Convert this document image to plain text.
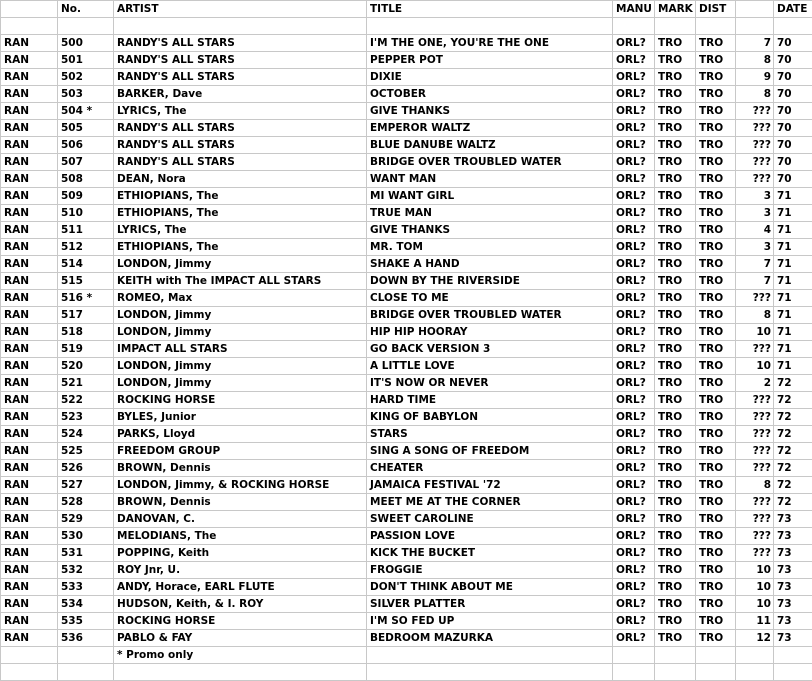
	No.	ARTIST	TITLE	MANU	MARK	DIST		DATE

RAN	500	RANDY'S ALL STARS	I'M THE ONE, YOU'RE THE ONE	ORL?	TRO	TRO	7	70
RAN	501	RANDY'S ALL STARS	PEPPER POT	ORL?	TRO	TRO	8	70
RAN	502	RANDY'S ALL STARS	DIXIE	ORL?	TRO	TRO	9	70
RAN	503	BARKER, Dave	OCTOBER	ORL?	TRO	TRO	8	70
RAN	504 *	LYRICS, The	GIVE THANKS	ORL?	TRO	TRO	???	70
RAN	505	RANDY'S ALL STARS	EMPEROR WALTZ	ORL?	TRO	TRO	???	70
RAN	506	RANDY'S ALL STARS	BLUE DANUBE WALTZ	ORL?	TRO	TRO	???	70
RAN	507	RANDY'S ALL STARS	BRIDGE OVER TROUBLED WATER	ORL?	TRO	TRO	???	70
RAN	508	DEAN, Nora	WANT MAN	ORL?	TRO	TRO	???	70
RAN	509	ETHIOPIANS, The	MI WANT GIRL	ORL?	TRO	TRO	3	71
RAN	510	ETHIOPIANS, The	TRUE MAN	ORL?	TRO	TRO	3	71
RAN	511	LYRICS, The	GIVE THANKS	ORL?	TRO	TRO	4	71
RAN	512	ETHIOPIANS, The	MR. TOM	ORL?	TRO	TRO	3	71
RAN	514	LONDON, Jimmy	SHAKE A HAND	ORL?	TRO	TRO	7	71
RAN	515	KEITH with The IMPACT ALL STARS	DOWN BY THE RIVERSIDE	ORL?	TRO	TRO	7	71
RAN	516 *	ROMEO, Max	CLOSE TO ME	ORL?	TRO	TRO	???	71
RAN	517	LONDON, Jimmy	BRIDGE OVER TROUBLED WATER	ORL?	TRO	TRO	8	71
RAN	518	LONDON, Jimmy	HIP HIP HOORAY	ORL?	TRO	TRO	10	71
RAN	519	IMPACT ALL STARS	GO BACK VERSION 3	ORL?	TRO	TRO	???	71
RAN	520	LONDON, Jimmy	A LITTLE LOVE	ORL?	TRO	TRO	10	71
RAN	521	LONDON, Jimmy	IT'S NOW OR NEVER	ORL?	TRO	TRO	2	72
RAN	522	ROCKING HORSE	HARD TIME	ORL?	TRO	TRO	???	72
RAN	523	BYLES, Junior	KING OF BABYLON	ORL?	TRO	TRO	???	72
RAN	524	PARKS, Lloyd	STARS	ORL?	TRO	TRO	???	72
RAN	525	FREEDOM GROUP	SING A SONG OF FREEDOM	ORL?	TRO	TRO	???	72
RAN	526	BROWN, Dennis	CHEATER	ORL?	TRO	TRO	???	72
RAN	527	LONDON, Jimmy, & ROCKING HORSE	JAMAICA FESTIVAL '72	ORL?	TRO	TRO	8	72
RAN	528	BROWN, Dennis	MEET ME AT THE CORNER	ORL?	TRO	TRO	???	72
RAN	529	DANOVAN, C.	SWEET CAROLINE	ORL?	TRO	TRO	???	73
RAN	530	MELODIANS, The	PASSION LOVE	ORL?	TRO	TRO	???	73
RAN	531	POPPING, Keith	KICK THE BUCKET	ORL?	TRO	TRO	???	73
RAN	532	ROY Jnr, U.	FROGGIE	ORL?	TRO	TRO	10	73
RAN	533	ANDY, Horace, EARL FLUTE	DON'T THINK ABOUT ME	ORL?	TRO	TRO	10	73
RAN	534	HUDSON, Keith, & I. ROY	SILVER PLATTER	ORL?	TRO	TRO	10	73
RAN	535	ROCKING HORSE	I'M SO FED UP	ORL?	TRO	TRO	11	73
RAN	536	PABLO & FAY	BEDROOM MAZURKA	ORL?	TRO	TRO	12	73
		* Promo only						
